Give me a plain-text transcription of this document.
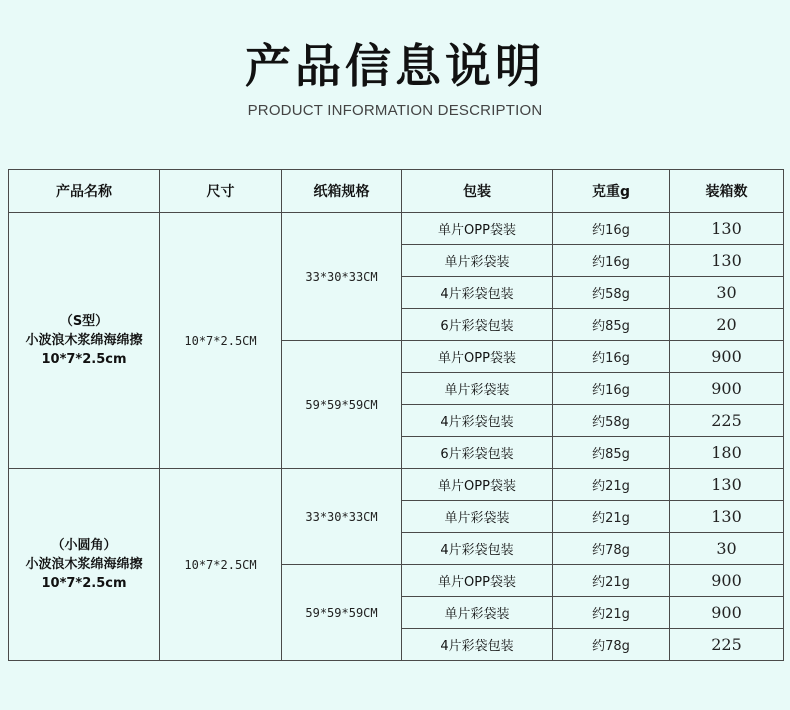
产品信息说明
PRODUCT INFORMATION DESCRIPTION
产品名称	尺寸	纸箱规格	包装	克重g	装箱数

（S型）
小波浪木浆绵海绵擦
10*7*2.5cm	10*7*2.5CM	33*30*33CM	单片OPP袋装	约16g	130
			单片彩袋装	约16g	130
			4片彩袋包装	约58g	30
			6片彩袋包装	约85g	20
		59*59*59CM	单片OPP袋装	约16g	900
			单片彩袋装	约16g	900
			4片彩袋包装	约58g	225
			6片彩袋包装	约85g	180

（小圆角）
小波浪木浆绵海绵擦
10*7*2.5cm	10*7*2.5CM	33*30*33CM	单片OPP袋装	约21g	130
			单片彩袋装	约21g	130
			4片彩袋包装	约78g	30
		59*59*59CM	单片OPP袋装	约21g	900
			单片彩袋装	约21g	900
			4片彩袋包装	约78g	225
